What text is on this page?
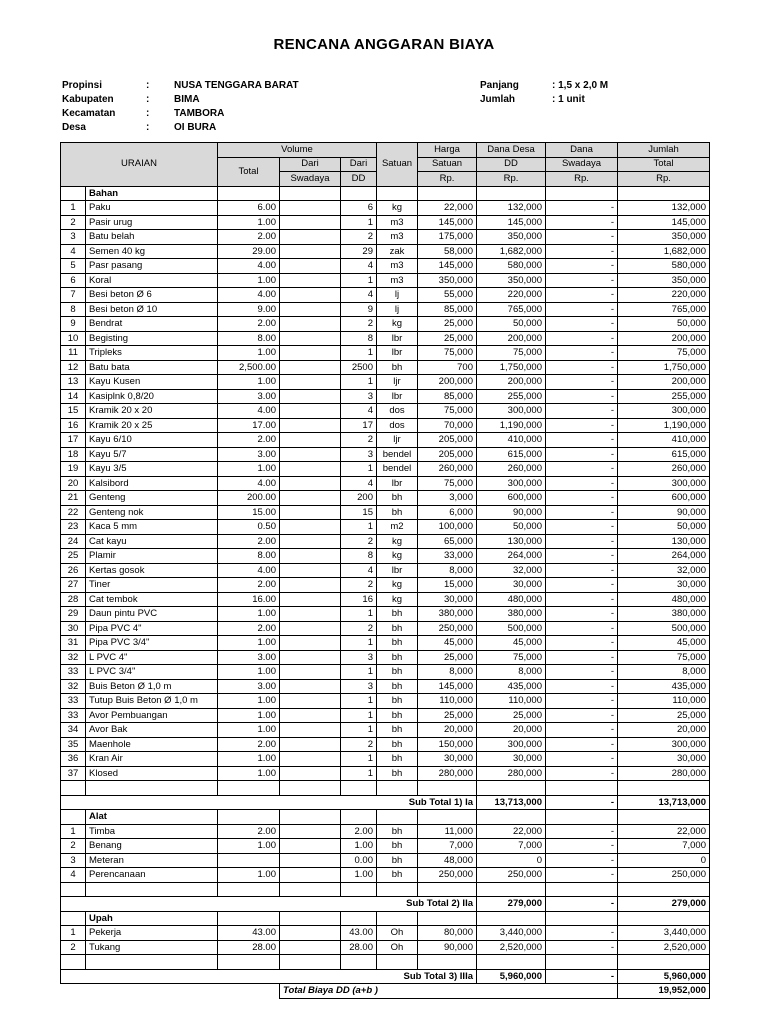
RENCANA ANGGARAN BIAYA
Propinsi	: NUSA TENGGARA BARAT
Kabupaten	: BIMA
Kecamatan	: TAMBORA
Desa	: OI BURA
Panjang	: 1,5 x 2,0 M
Jumlah	: 1 unit
URAIAN		Volume			Satuan	Harga	Dana Desa	Dana	Jumlah
		Total	Dari	Dari		Satuan	DD	Swadaya	Total
			Swadaya	DD		Rp.	Rp.	Rp.	Rp.
	Bahan								
1	Paku	6.00		6	kg	22,000	132,000	-	132,000
2	Pasir urug	1.00		1	m3	145,000	145,000	-	145,000
3	Batu belah	2.00		2	m3	175,000	350,000	-	350,000
4	Semen 40 kg	29.00		29	zak	58,000	1,682,000	-	1,682,000
5	Pasr pasang	4.00		4	m3	145,000	580,000	-	580,000
6	Koral	1.00		1	m3	350,000	350,000	-	350,000
7	Besi beton Ø 6	4.00		4	lj	55,000	220,000	-	220,000
8	Besi beton Ø 10	9.00		9	lj	85,000	765,000	-	765,000
9	Bendrat	2.00		2	kg	25,000	50,000	-	50,000
10	Begisting	8.00		8	lbr	25,000	200,000	-	200,000
11	Tripleks	1.00		1	lbr	75,000	75,000	-	75,000
12	Batu bata	2,500.00		2500	bh	700	1,750,000	-	1,750,000
13	Kayu Kusen	1.00		1	ljr	200,000	200,000	-	200,000
14	Kasiplnk 0,8/20	3.00		3	lbr	85,000	255,000	-	255,000
15	Kramik 20 x 20	4.00		4	dos	75,000	300,000	-	300,000
16	Kramik 20 x 25	17.00		17	dos	70,000	1,190,000	-	1,190,000
17	Kayu 6/10	2.00		2	ljr	205,000	410,000	-	410,000
18	Kayu 5/7	3.00		3	bendel	205,000	615,000	-	615,000
19	Kayu 3/5	1.00		1	bendel	260,000	260,000	-	260,000
20	Kalsibord	4.00		4	lbr	75,000	300,000	-	300,000
21	Genteng	200.00		200	bh	3,000	600,000	-	600,000
22	Genteng nok	15.00		15	bh	6,000	90,000	-	90,000
23	Kaca 5 mm	0.50		1	m2	100,000	50,000	-	50,000
24	Cat kayu	2.00		2	kg	65,000	130,000	-	130,000
25	Plamir	8.00		8	kg	33,000	264,000	-	264,000
26	Kertas gosok	4.00		4	lbr	8,000	32,000	-	32,000
27	Tiner	2.00		2	kg	15,000	30,000	-	30,000
28	Cat tembok	16.00		16	kg	30,000	480,000	-	480,000
29	Daun pintu PVC	1.00		1	bh	380,000	380,000	-	380,000
30	Pipa PVC 4"	2.00		2	bh	250,000	500,000	-	500,000
31	Pipa PVC 3/4"	1.00		1	bh	45,000	45,000	-	45,000
32	L PVC 4"	3.00		3	bh	25,000	75,000	-	75,000
33	L PVC 3/4"	1.00		1	bh	8,000	8,000	-	8,000
32	Buis Beton Ø 1,0 m	3.00		3	bh	145,000	435,000	-	435,000
33	Tutup Buis Beton Ø 1,0 m	1.00		1	bh	110,000	110,000	-	110,000
33	Avor Pembuangan	1.00		1	bh	25,000	25,000	-	25,000
34	Avor Bak	1.00		1	bh	20,000	20,000	-	20,000
35	Maenhole	2.00		2	bh	150,000	300,000	-	300,000
36	Kran Air	1.00		1	bh	30,000	30,000	-	30,000
37	Klosed	1.00		1	bh	280,000	280,000	-	280,000

Sub Total 1) Ia							13,713,000	-	13,713,000
	Alat								
1	Timba	2.00		2.00	bh	11,000	22,000	-	22,000
2	Benang	1.00		1.00	bh	7,000	7,000	-	7,000
3	Meteran			0.00	bh	48,000	0	-	0
4	Perencanaan	1.00		1.00	bh	250,000	250,000	-	250,000

Sub Total 2) IIa							279,000	-	279,000
	Upah								
1	Pekerja	43.00		43.00	Oh	80,000	3,440,000	-	3,440,000
2	Tukang	28.00		28.00	Oh	90,000	2,520,000	-	2,520,000

Sub Total 3) IIIa							5,960,000	-	5,960,000
			Total Biaya DD (a+b )						19,952,000
